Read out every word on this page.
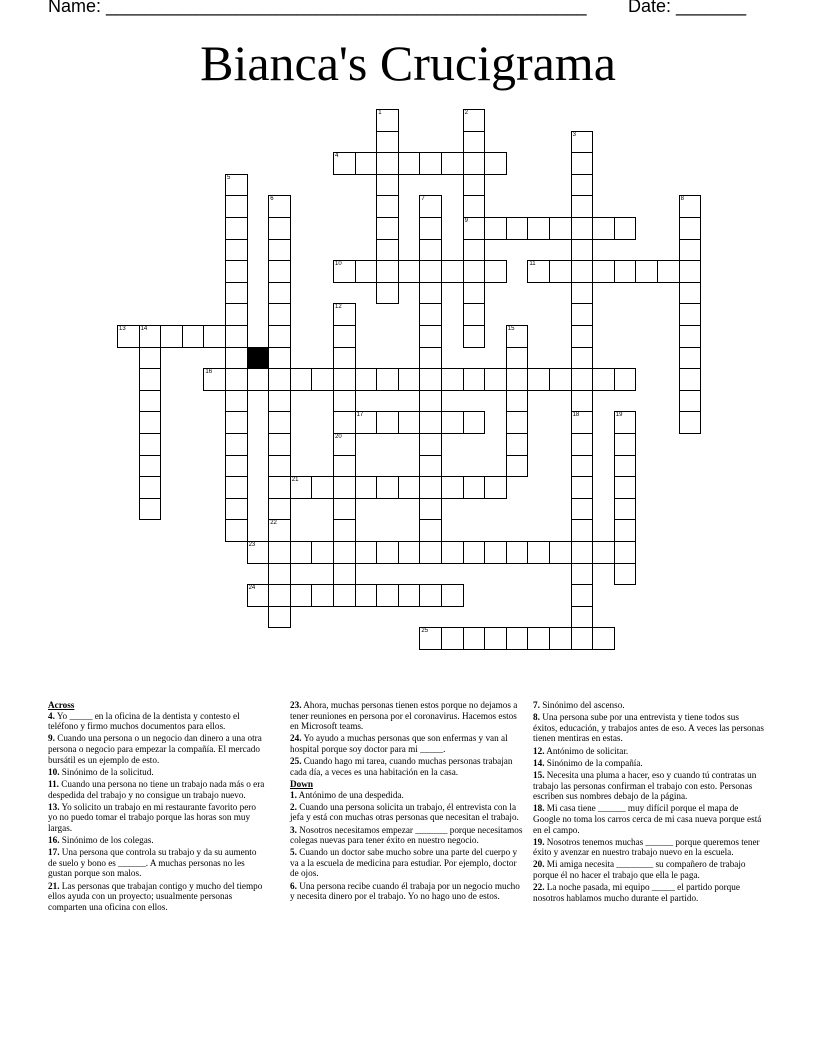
Name: ________________________________________________ Date: _______
Bianca's Crucigrama
1	2
9
3
18
4
5
6
22
7	8
10	11
12
20
13 14	15
16
17	19
21
23
24
25
Across
4. Yo _____ en la oficina de la dentista y contesto el teléfono y firmo muchos documentos para ellos.
9. Cuando una persona o un negocio dan dinero a una otra persona o negocio para empezar la compañía. El mercado bursátil es un ejemplo de esto.
10. Sinónimo de la solicitud.
11. Cuando una persona no tiene un trabajo nada más o era despedida del trabajo y no consigue un trabajo nuevo.
13. Yo solicito un trabajo en mi restaurante favorito pero yo no puedo tomar el trabajo porque las horas son muy largas.
16. Sinónimo de los colegas.
17. Una persona que controla su trabajo y da su aumento de suelo y bono es ______. A muchas personas no les gustan porque son malos.
21. Las personas que trabajan contigo y mucho del tiempo ellos ayuda con un proyecto; usualmente personas comparten una oficina con ellos.
23. Ahora, muchas personas tienen estos porque no dejamos a tener reuniones en persona por el coronavirus. Hacemos estos en Microsoft teams.
24. Yo ayudo a muchas personas que son enfermas y van al hospital porque soy doctor para mi _____.
25. Cuando hago mi tarea, cuando muchas personas trabajan cada día, a veces es una habitación en la casa.
Down
1. Antónimo de una despedida.
2. Cuando una persona solicita un trabajo, él entrevista con la jefa y está con muchas otras personas que necesitan el trabajo.
3. Nosotros necesitamos empezar _______ porque necesitamos colegas nuevas para tener éxito en nuestro negocio.
5. Cuando un doctor sabe mucho sobre una parte del cuerpo y va a la escuela de medicina para estudiar. Por ejemplo, doctor de ojos.
6. Una persona recibe cuando él trabaja por un negocio mucho y necesita dinero por el trabajo. Yo no hago uno de estos.
7. Sinónimo del ascenso.
8. Una persona sube por una entrevista y tiene todos sus éxitos, educación, y trabajos antes de eso. A veces las personas tienen mentiras en estas.
12. Antónimo de solicitar.
14. Sinónimo de la compañía.
15. Necesita una pluma a hacer, eso y cuando tú contratas un trabajo las personas confirman el trabajo con esto. Personas escriben sus nombres debajo de la página.
18. Mi casa tiene ______ muy difícil porque el mapa de Google no toma los carros cerca de mi casa nueva porque está en el campo.
19. Nosotros tenemos muchas ______ porque queremos tener éxito y avenzar en nuestro trabajo nuevo en la escuela.
20. Mi amiga necesita ________ su compañero de trabajo porque él no hacer el trabajo que ella le paga.
22. La noche pasada, mi equipo _____ el partido porque nosotros hablamos mucho durante el partido.
